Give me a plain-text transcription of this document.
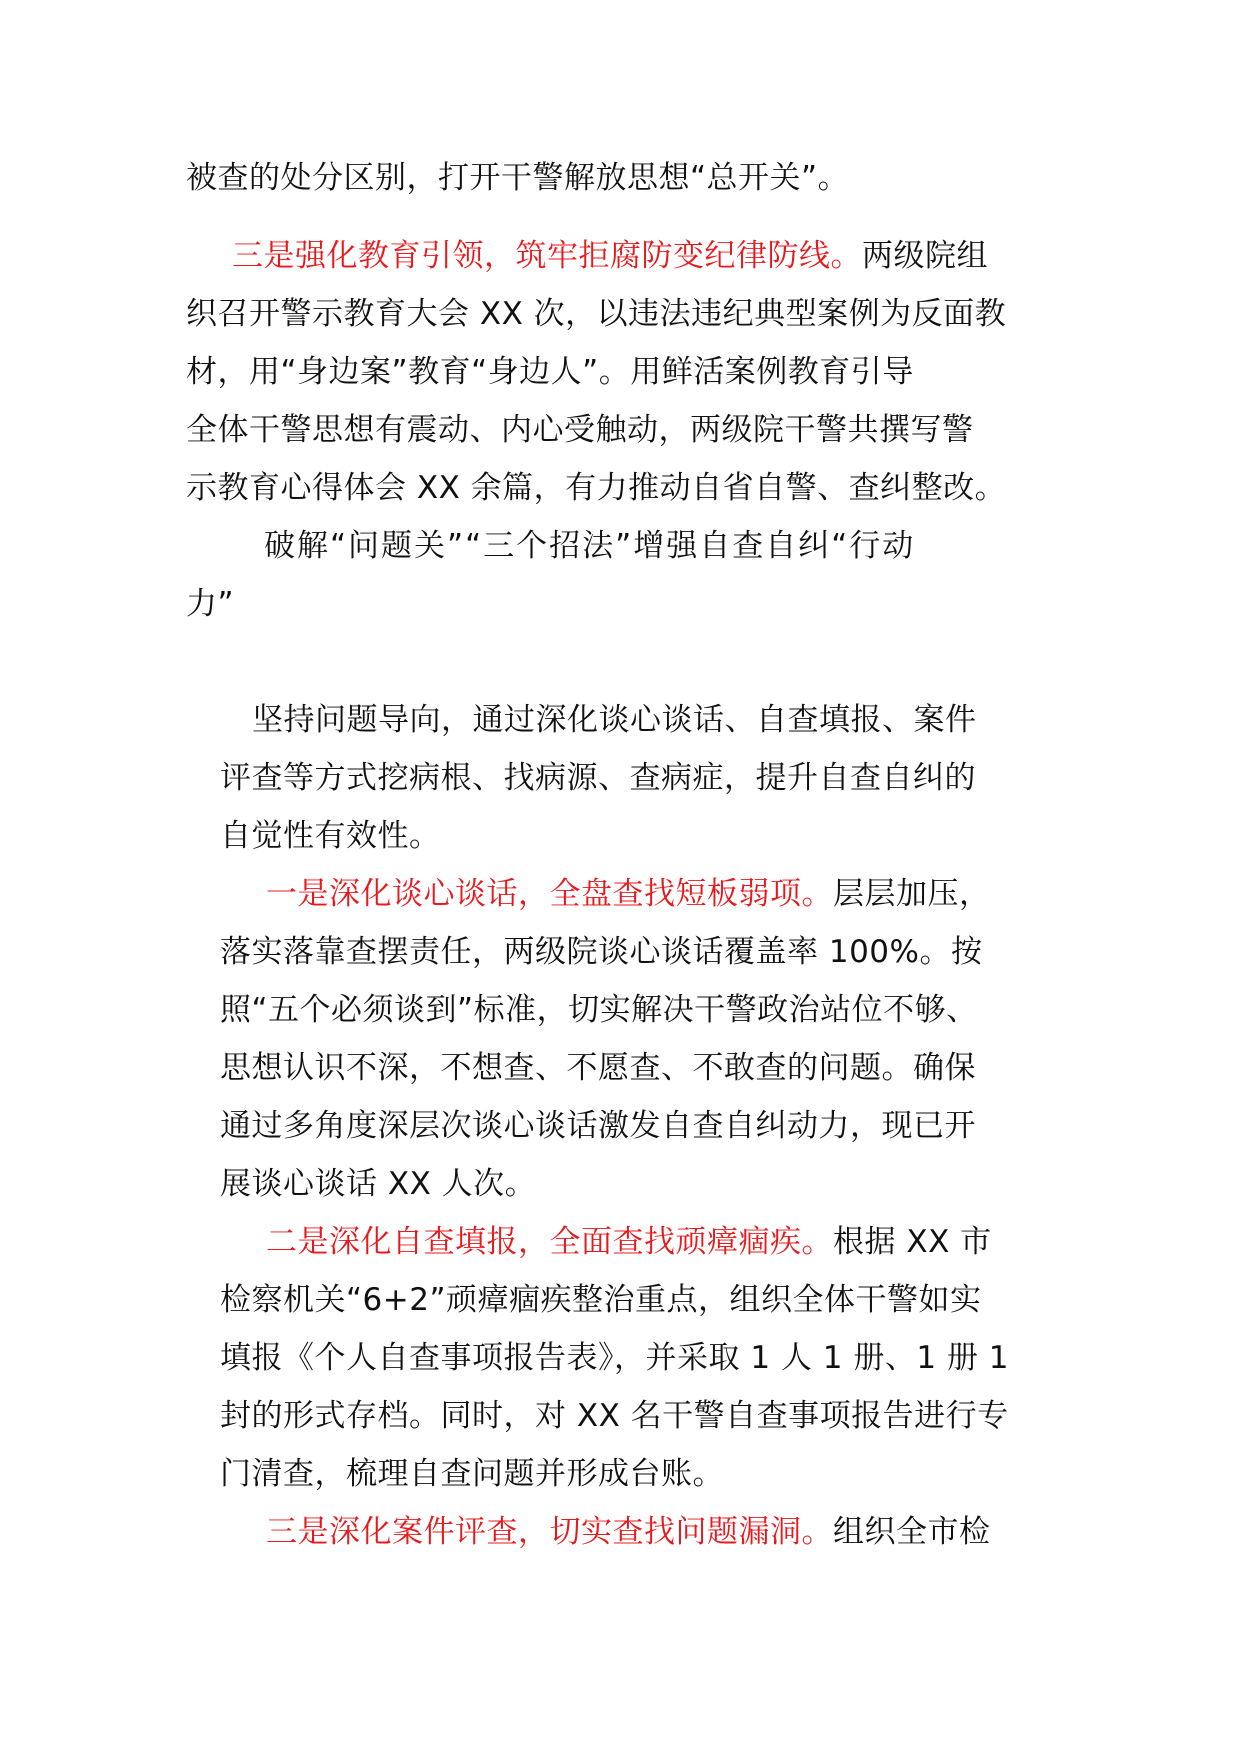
被查的处分区别，打开干警解放思想“总开关”。
三是强化教育引领，筑牢拒腐防变纪律防线。两级院组
织召开警示教育大会 XX 次，以违法违纪典型案例为反面教
材，用“身边案”教育“身边人”。用鲜活案例教育引导
全体干警思想有震动、内心受触动，两级院干警共撰写警
示教育心得体会 XX 余篇，有力推动自省自警、查纠整改。
破解“问题关”“三个招法”增强自查自纠“行动
力”
坚持问题导向，通过深化谈心谈话、自查填报、案件
评查等方式挖病根、找病源、查病症，提升自查自纠的
自觉性有效性。
一是深化谈心谈话，全盘查找短板弱项。层层加压，
落实落靠查摆责任，两级院谈心谈话覆盖率 100%。按
照“五个必须谈到”标准，切实解决干警政治站位不够、
思想认识不深，不想查、不愿查、不敢查的问题。确保
通过多角度深层次谈心谈话激发自查自纠动力，现已开
展谈心谈话 XX 人次。
二是深化自查填报，全面查找顽瘴痼疾。根据 XX 市
检察机关“6+2”顽瘴痼疾整治重点，组织全体干警如实
填报《个人自查事项报告表》，并采取 1 人 1 册、1 册 1
封的形式存档。同时，对 XX 名干警自查事项报告进行专
门清查，梳理自查问题并形成台账。
三是深化案件评查，切实查找问题漏洞。组织全市检
